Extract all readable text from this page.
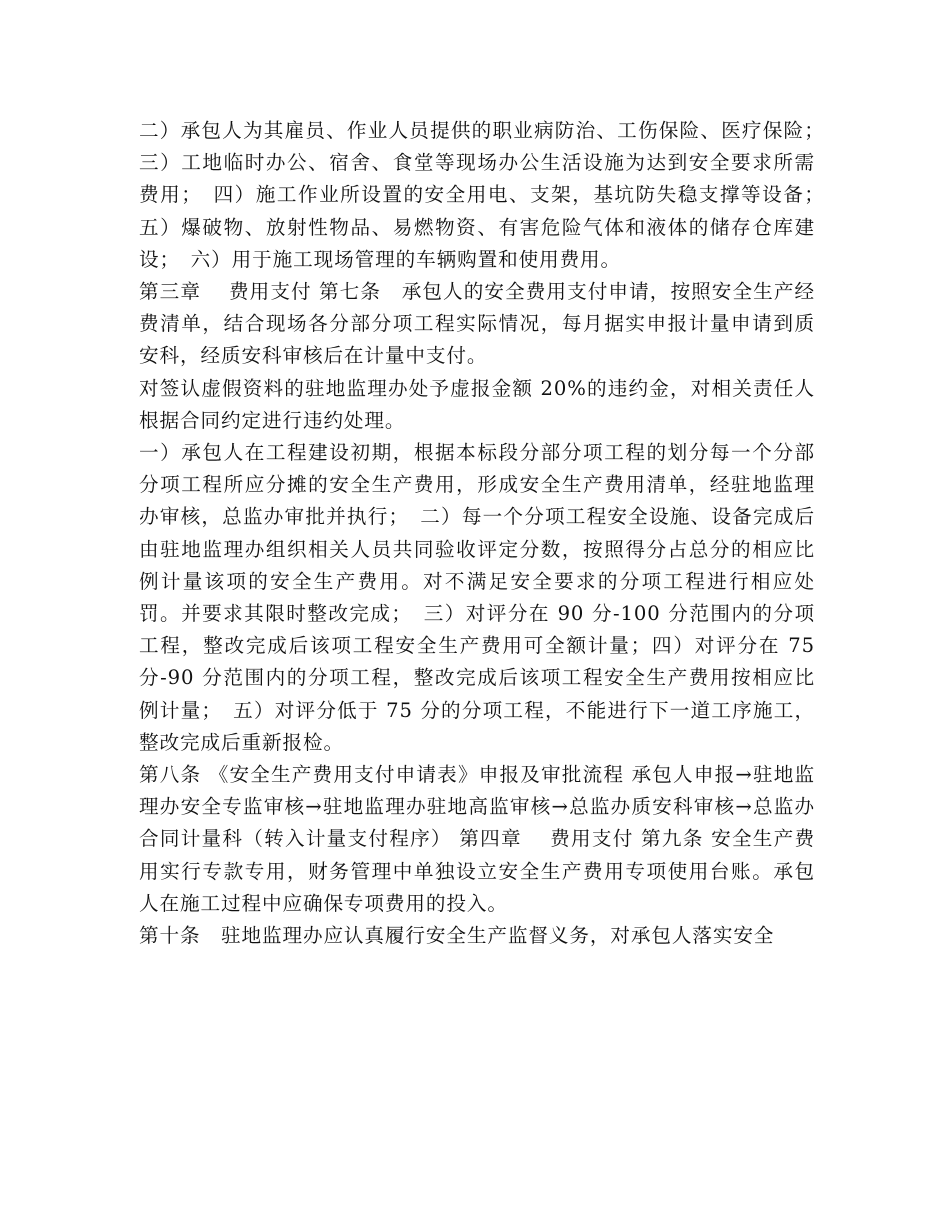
二）承包人为其雇员、作业人员提供的职业病防治、工伤保险、医疗保险；　三）工地临时办公、宿舍、食堂等现场办公生活设施为达到安全要求所需费用；　四）施工作业所设置的安全用电、支架，基坑防失稳支撑等设备；　五）爆破物、放射性物品、易燃物资、有害危险气体和液体的储存仓库建设；　六）用于施工现场管理的车辆购置和使用费用。

第三章　 费用支付 第七条　承包人的安全费用支付申请，按照安全生产经费清单，结合现场各分部分项工程实际情况，每月据实申报计量申请到质安科，经质安科审核后在计量中支付。

对签认虚假资料的驻地监理办处予虚报金额 20%的违约金，对相关责任人根据合同约定进行违约处理。

一）承包人在工程建设初期，根据本标段分部分项工程的划分每一个分部分项工程所应分摊的安全生产费用，形成安全生产费用清单，经驻地监理办审核，总监办审批并执行；　二）每一个分项工程安全设施、设备完成后由驻地监理办组织相关人员共同验收评定分数，按照得分占总分的相应比例计量该项的安全生产费用。对不满足安全要求的分项工程进行相应处罚。并要求其限时整改完成；　三）对评分在 90 分-100 分范围内的分项工程，整改完成后该项工程安全生产费用可全额计量；四）对评分在 75 分-90 分范围内的分项工程，整改完成后该项工程安全生产费用按相应比例计量；　五）对评分低于 75 分的分项工程，不能进行下一道工序施工，整改完成后重新报检。

第八条 《安全生产费用支付申请表》申报及审批流程 承包人申报→驻地监理办安全专监审核→驻地监理办驻地高监审核→总监办质安科审核→总监办合同计量科（转入计量支付程序） 第四章　 费用支付 第九条 安全生产费用实行专款专用，财务管理中单独设立安全生产费用专项使用台账。承包人在施工过程中应确保专项费用的投入。

第十条　驻地监理办应认真履行安全生产监督义务，对承包人落实安全
